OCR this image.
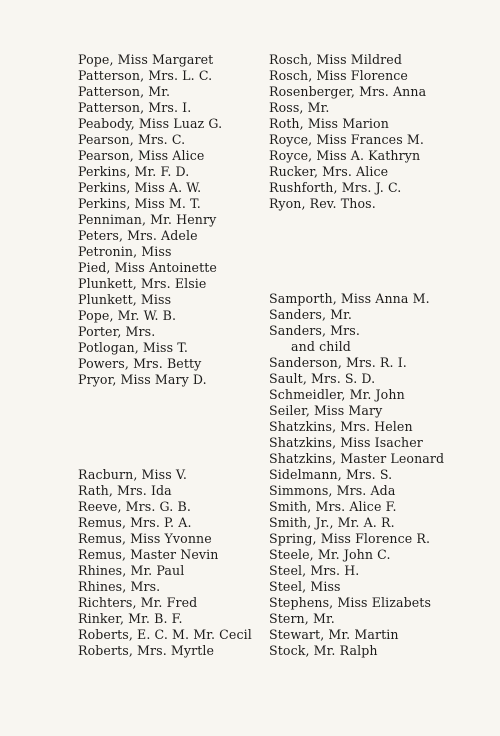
Pope, Miss Margaret
Patterson, Mrs. L. C.
Patterson, Mr.
Patterson, Mrs. I.
Peabody, Miss Luaz G.
Pearson, Mrs. C.
Pearson, Miss Alice
Perkins, Mr. F. D.
Perkins, Miss A. W.
Perkins, Miss M. T.
Penniman, Mr. Henry
Peters, Mrs. Adele
Petronin, Miss
Pied, Miss Antoinette
Plunkett, Mrs. Elsie
Plunkett, Miss
Pope, Mr. W. B.
Porter, Mrs.
Potlogan, Miss T.
Powers, Mrs. Betty
Pryor, Miss Mary D.
Racburn, Miss V.
Rath, Mrs. Ida
Reeve, Mrs. G. B.
Remus, Mrs. P. A.
Remus, Miss Yvonne
Remus, Master Nevin
Rhines, Mr. Paul
Rhines, Mrs.
Richters, Mr. Fred
Rinker, Mr. B. F.
Roberts, E. C. M. Mr. Cecil
Roberts, Mrs. Myrtle
Rosch, Miss Mildred
Rosch, Miss Florence
Rosenberger, Mrs. Anna
Ross, Mr.
Roth, Miss Marion
Royce, Miss Frances M.
Royce, Miss A. Kathryn
Rucker, Mrs. Alice
Rushforth, Mrs. J. C.
Ryon, Rev. Thos.
Samporth, Miss Anna M.
Sanders, Mr.
Sanders, Mrs.
and child
Sanderson, Mrs. R. I.
Sault, Mrs. S. D.
Schmeidler, Mr. John
Seiler, Miss Mary
Shatzkins, Mrs. Helen
Shatzkins, Miss Isacher
Shatzkins, Master Leonard
Sidelmann, Mrs. S.
Simmons, Mrs. Ada
Smith, Mrs. Alice F.
Smith, Jr., Mr. A. R.
Spring, Miss Florence R.
Steele, Mr. John C.
Steel, Mrs. H.
Steel, Miss
Stephens, Miss Elizabets
Stern, Mr.
Stewart, Mr. Martin
Stock, Mr. Ralph
